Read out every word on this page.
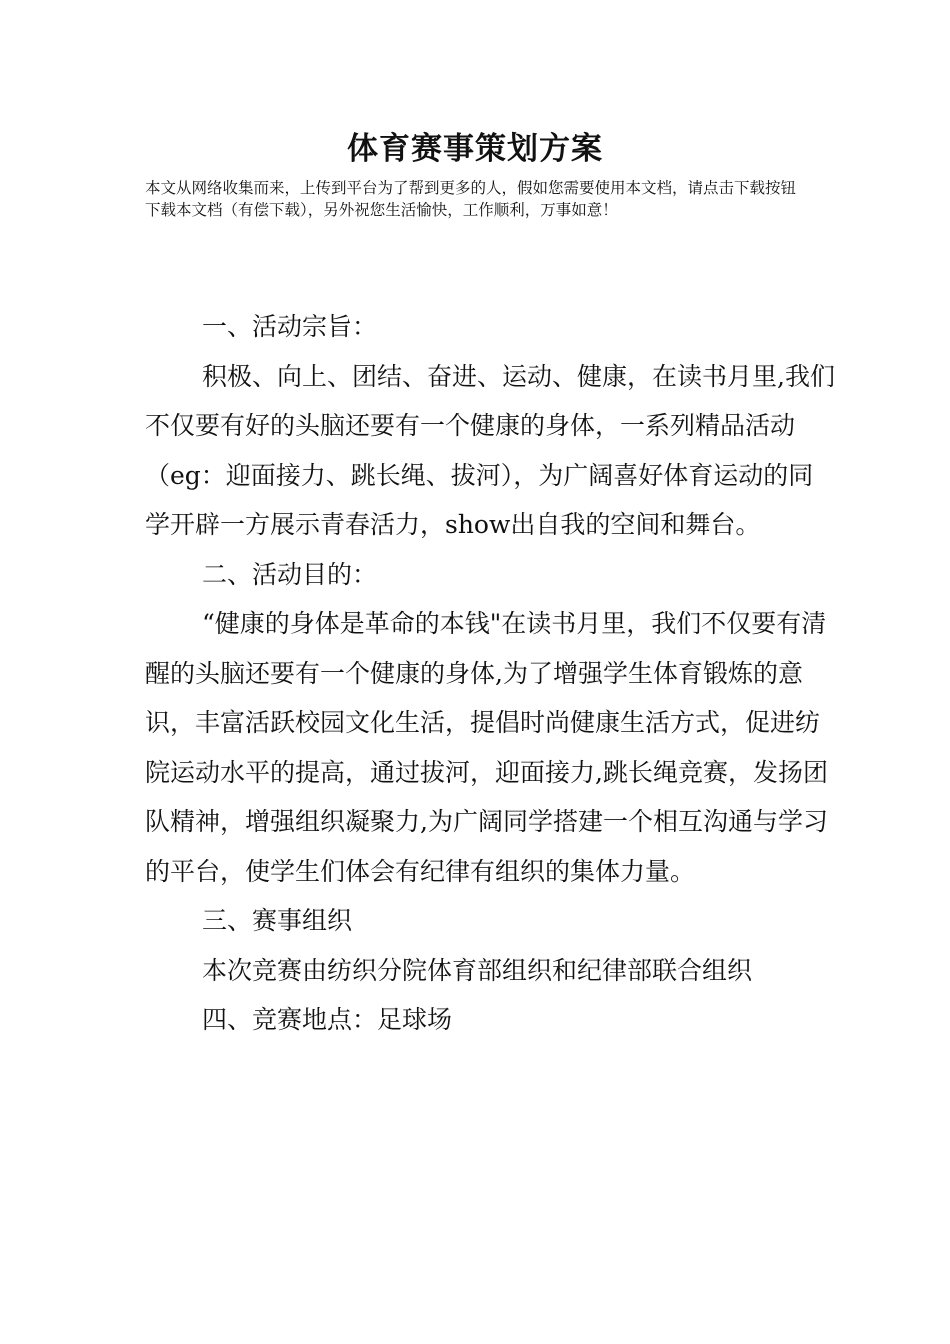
体育赛事策划方案

本文从网络收集而来，上传到平台为了帮到更多的人，假如您需要使用本文档，请点击下载按钮下载本文档（有偿下载），另外祝您生活愉快，工作顺利，万事如意！

一、活动宗旨：

积极、向上、团结、奋进、运动、健康，在读书月里,我们不仅要有好的头脑还要有一个健康的身体，一系列精品活动（eg：迎面接力、跳长绳、拔河），为广阔喜好体育运动的同学开辟一方展示青春活力，show出自我的空间和舞台。

二、活动目的：

“健康的身体是革命的本钱"在读书月里，我们不仅要有清醒的头脑还要有一个健康的身体,为了增强学生体育锻炼的意识，丰富活跃校园文化生活，提倡时尚健康生活方式，促进纺院运动水平的提高，通过拔河，迎面接力,跳长绳竞赛，发扬团队精神，增强组织凝聚力,为广阔同学搭建一个相互沟通与学习的平台，使学生们体会有纪律有组织的集体力量。

三、赛事组织

本次竞赛由纺织分院体育部组织和纪律部联合组织

四、竞赛地点：足球场
